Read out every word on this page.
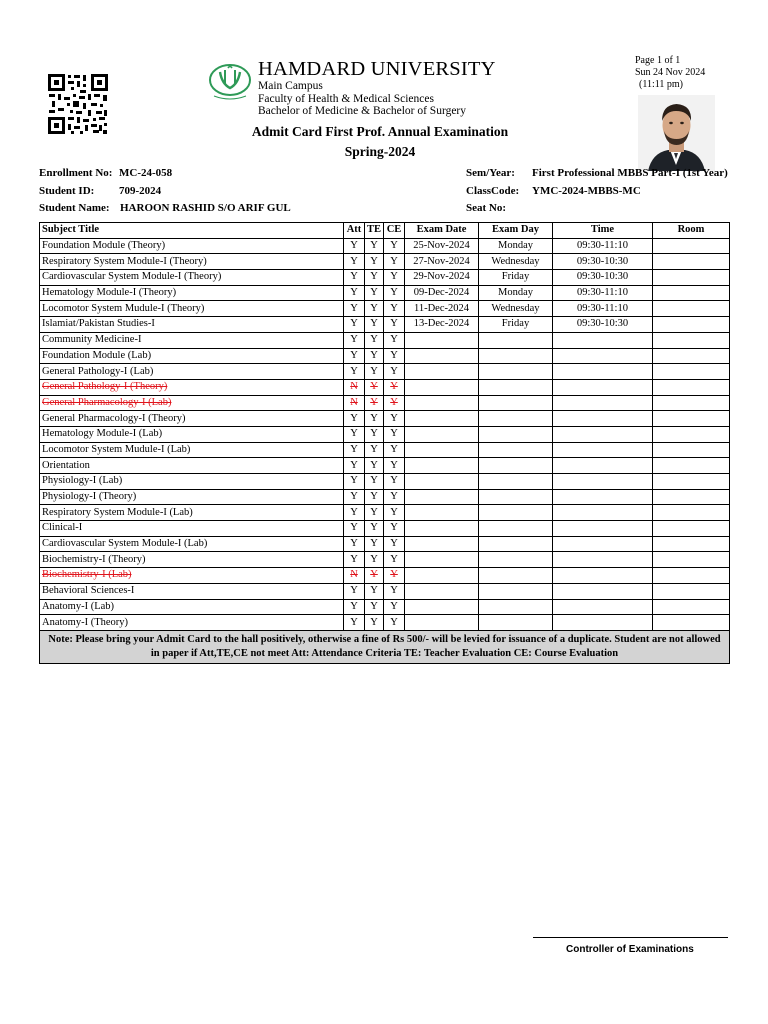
HAMDARD UNIVERSITY
Main Campus
Faculty of Health & Medical Sciences
Bachelor of Medicine & Bachelor of Surgery
Page 1 of 1
Sun 24 Nov 2024
(11:11 pm)
Admit Card First Prof. Annual Examination
Spring-2024
Enrollment No: MC-24-058
Student ID: 709-2024
Student Name: HAROON RASHID S/O ARIF GUL
Sem/Year: First Professional MBBS Part-I (1st Year)
ClassCode: YMC-2024-MBBS-MC
Seat No:
Subject Title	Att	TE	CE	Exam Date	Exam Day	Time	Room
Foundation Module (Theory)	Y	Y	Y	25-Nov-2024	Monday	09:30-11:10	
Respiratory System Module-I (Theory)	Y	Y	Y	27-Nov-2024	Wednesday	09:30-10:30	
Cardiovascular System Module-I (Theory)	Y	Y	Y	29-Nov-2024	Friday	09:30-10:30	
Hematology Module-I (Theory)	Y	Y	Y	09-Dec-2024	Monday	09:30-11:10	
Locomotor System Mudule-I (Theory)	Y	Y	Y	11-Dec-2024	Wednesday	09:30-11:10	
Islamiat/Pakistan Studies-I	Y	Y	Y	13-Dec-2024	Friday	09:30-10:30	
Community Medicine-I	Y	Y	Y				
Foundation Module (Lab)	Y	Y	Y				
General Pathology-I (Lab)	Y	Y	Y				
General Pathology-I (Theory)	N	Y	Y				
General Pharmacology-I (Lab)	N	Y	Y				
General Pharmacology-I (Theory)	Y	Y	Y				
Hematology Module-I (Lab)	Y	Y	Y				
Locomotor System Mudule-I (Lab)	Y	Y	Y				
Orientation	Y	Y	Y				
Physiology-I (Lab)	Y	Y	Y				
Physiology-I (Theory)	Y	Y	Y				
Respiratory System Module-I (Lab)	Y	Y	Y				
Clinical-I	Y	Y	Y				
Cardiovascular System Module-I (Lab)	Y	Y	Y				
Biochemistry-I (Theory)	Y	Y	Y				
Biochemistry-I (Lab)	N	Y	Y				
Behavioral Sciences-I	Y	Y	Y				
Anatomy-I (Lab)	Y	Y	Y				
Anatomy-I (Theory)	Y	Y	Y				
Note: Please bring your Admit Card to the hall positively, otherwise a fine of Rs 500/- will be levied for issuance of a duplicate. Student are not allowed in paper if Att,TE,CE not meet Att: Attendance Criteria TE: Teacher Evaluation CE: Course Evaluation							
Controller of Examinations
